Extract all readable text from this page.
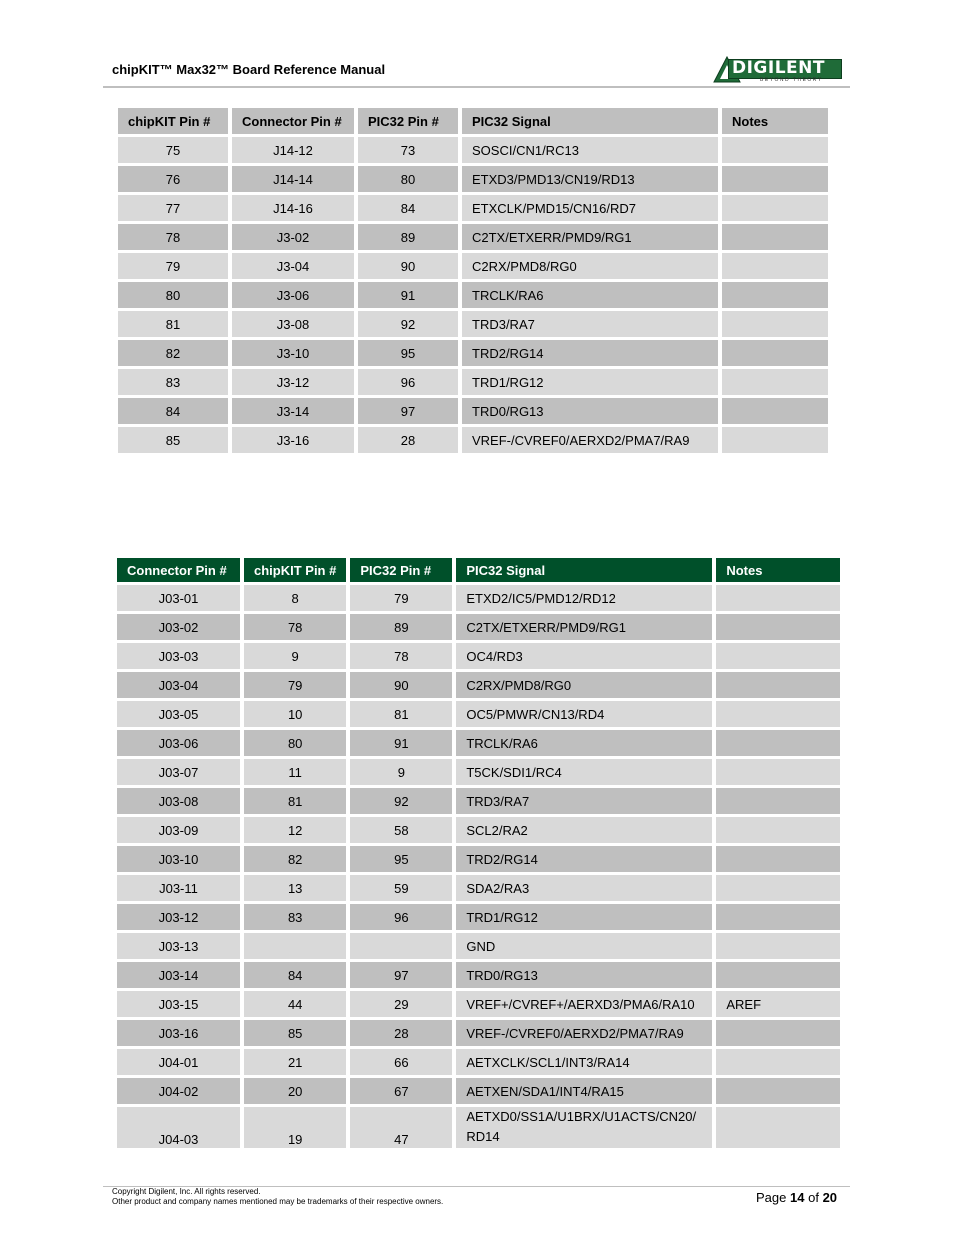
chipKIT™ Max32™ Board Reference Manual	DIGILENT
BEYOND THEORY
chipKIT Pin #	Connector Pin #	PIC32 Pin #	PIC32 Signal	Notes
75	J14-12	73	SOSCI/CN1/RC13	
76	J14-14	80	ETXD3/PMD13/CN19/RD13	
77	J14-16	84	ETXCLK/PMD15/CN16/RD7	
78	J3-02	89	C2TX/ETXERR/PMD9/RG1	
79	J3-04	90	C2RX/PMD8/RG0	
80	J3-06	91	TRCLK/RA6	
81	J3-08	92	TRD3/RA7	
82	J3-10	95	TRD2/RG14	
83	J3-12	96	TRD1/RG12	
84	J3-14	97	TRD0/RG13	
85	J3-16	28	VREF-/CVREF0/AERXD2/PMA7/RA9	
Connector Pin #	chipKIT Pin #	PIC32 Pin #	PIC32 Signal	Notes
J03-01	8	79	ETXD2/IC5/PMD12/RD12	
J03-02	78	89	C2TX/ETXERR/PMD9/RG1	
J03-03	9	78	OC4/RD3	
J03-04	79	90	C2RX/PMD8/RG0	
J03-05	10	81	OC5/PMWR/CN13/RD4	
J03-06	80	91	TRCLK/RA6	
J03-07	11	9	T5CK/SDI1/RC4	
J03-08	81	92	TRD3/RA7	
J03-09	12	58	SCL2/RA2	
J03-10	82	95	TRD2/RG14	
J03-11	13	59	SDA2/RA3	
J03-12	83	96	TRD1/RG12	
J03-13			GND	
J03-14	84	97	TRD0/RG13	
J03-15	44	29	VREF+/CVREF+/AERXD3/PMA6/RA10	AREF
J03-16	85	28	VREF-/CVREF0/AERXD2/PMA7/RA9	
J04-01	21	66	AETXCLK/SCL1/INT3/RA14	
J04-02	20	67	AETXEN/SDA1/INT4/RA15	
J04-03	19	47	AETXD0/SS1A/U1BRX/U1ACTS/CN20/
RD14	
Copyright Digilent, Inc. All rights reserved.
Other product and company names mentioned may be trademarks of their respective owners.	Page 14 of 20
